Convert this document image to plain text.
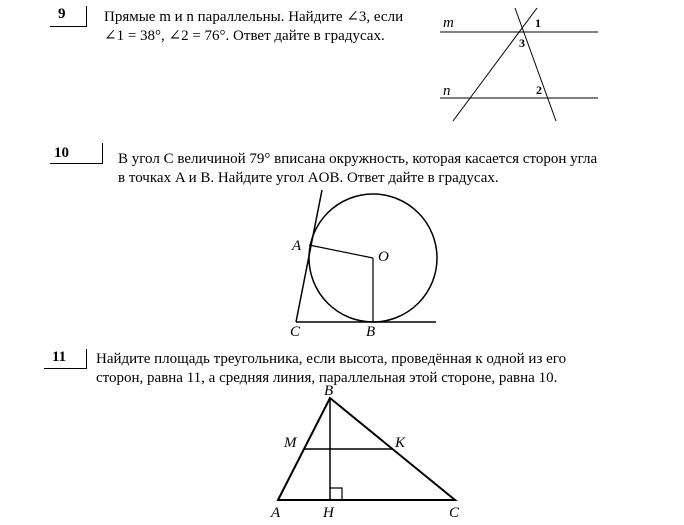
9	Прямые m и n параллельны. Найдите ∠3, если
∠1 = 38°, ∠2 = 76°. Ответ дайте в градусах.
m
n
1
3
2
10	В угол C величиной 79° вписана окружность, которая касается сторон угла
в точках A и B. Найдите угол AOB. Ответ дайте в градусах.
A
O
C	B
11 Найдите площадь треугольника, если высота, проведённая к одной из его
сторон, равна 11, а средняя линия, параллельная этой стороне, равна 10.
B
M	K
A	H	C
